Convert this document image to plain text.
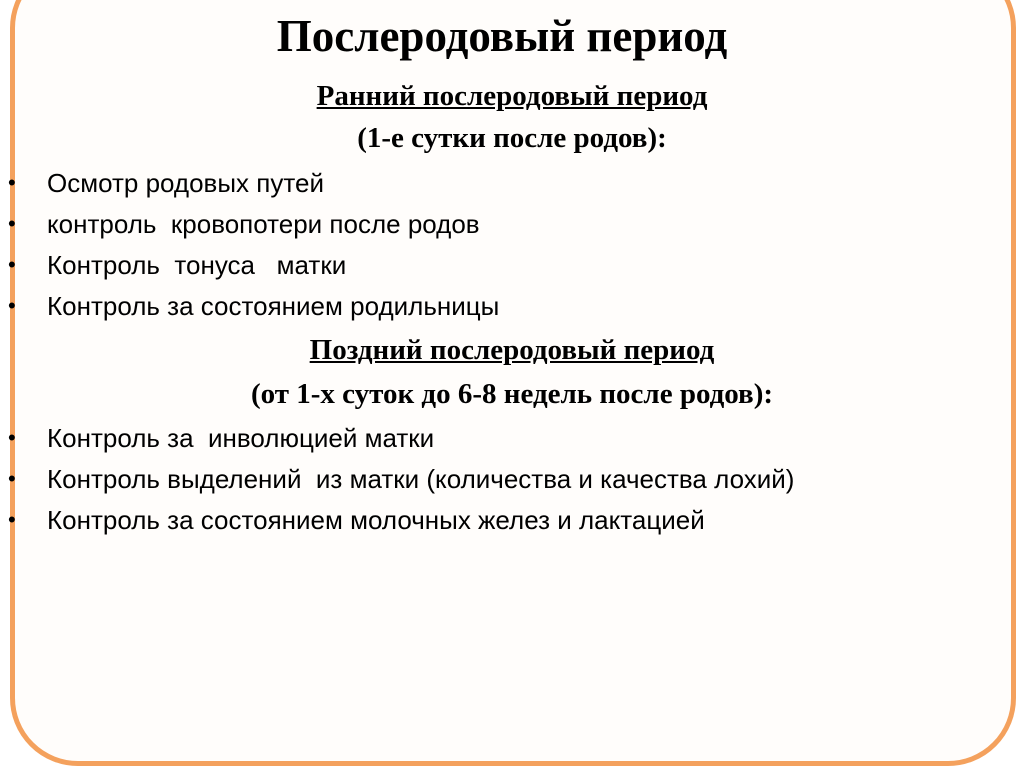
Послеродовый период
Ранний послеродовый период
(1-е сутки после родов):

•

Осмотр родовых путей

•

контроль  кровопотери после родов

•

Контроль  тонуса   матки

•

Контроль за состоянием родильницы

Поздний послеродовый период
(от 1-х суток до 6-8 недель после родов):

•

Контроль за  инволюцией матки

•

Контроль выделений  из матки (количества и качества лохий)

•

Контроль за состоянием молочных желез и лактацией
